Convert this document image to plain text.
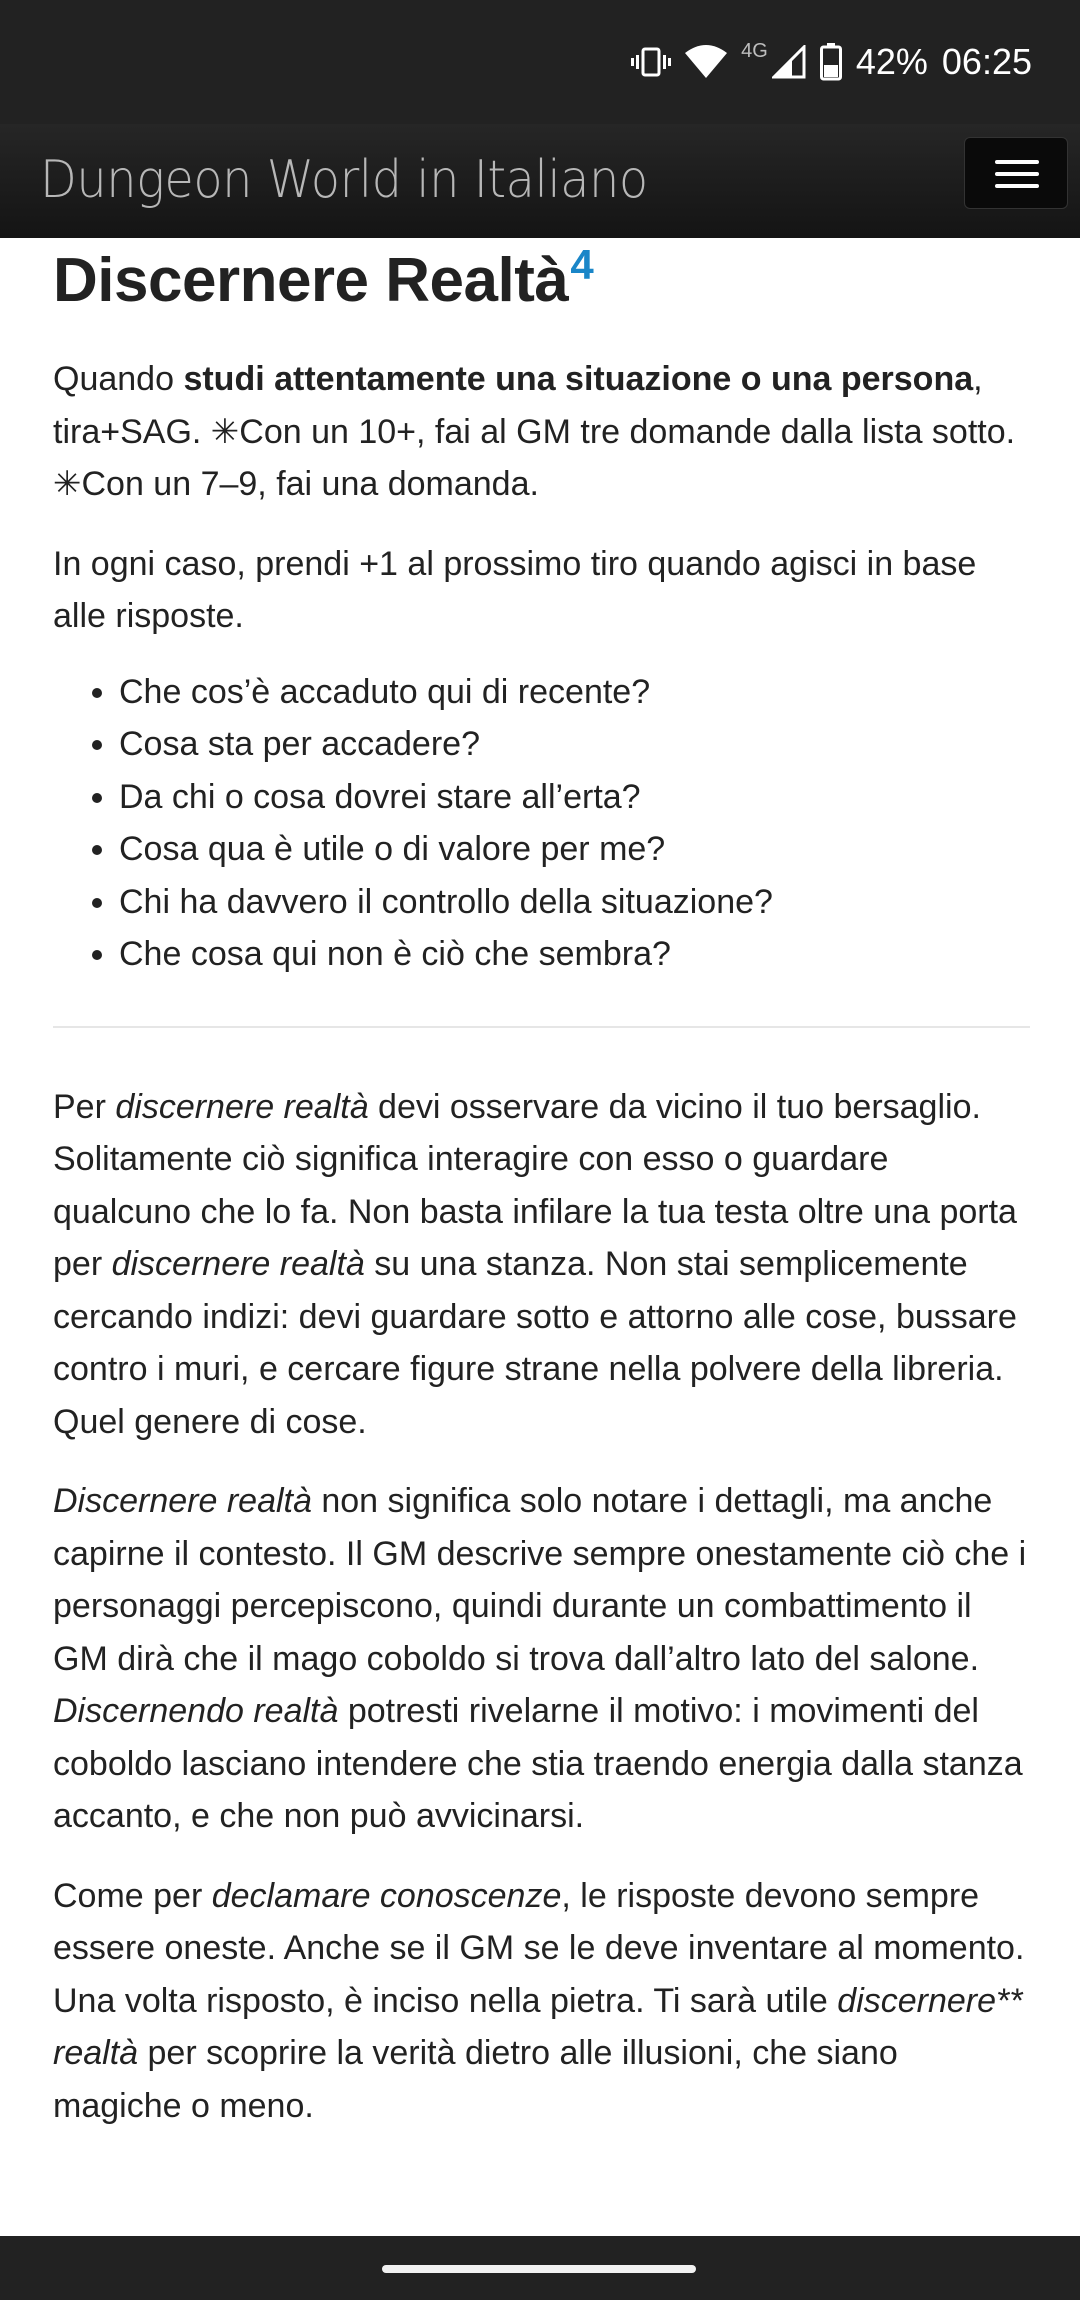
4G 42% 06:25
Dungeon World in Italiano
Discernere Realtà$^4$

Quando studi attentamente una situazione o una persona, tira+SAG. ✳Con un 10+, fai al GM tre domande dalla lista sotto. ✳Con un 7–9, fai una domanda.

In ogni caso, prendi +1 al prossimo tiro quando agisci in base alle risposte.

• Che cos’è accaduto qui di recente?
• Cosa sta per accadere?
• Da chi o cosa dovrei stare all’erta?
• Cosa qua è utile o di valore per me?
• Chi ha davvero il controllo della situazione?
• Che cosa qui non è ciò che sembra?

Per discernere realtà devi osservare da vicino il tuo bersaglio. Solitamente ciò significa interagire con esso o guardare qualcuno che lo fa. Non basta infilare la tua testa oltre una porta per discernere realtà su una stanza. Non stai semplicemente cercando indizi: devi guardare sotto e attorno alle cose, bussare contro i muri, e cercare figure strane nella polvere della libreria. Quel genere di cose.

Discernere realtà non significa solo notare i dettagli, ma anche capirne il contesto. Il GM descrive sempre onestamente ciò che i personaggi percepiscono, quindi durante un combattimento il GM dirà che il mago coboldo si trova dall’altro lato del salone. Discernendo realtà potresti rivelarne il motivo: i movimenti del coboldo lasciano intendere che stia traendo energia dalla stanza accanto, e che non può avvicinarsi.

Come per declamare conoscenze, le risposte devono sempre essere oneste. Anche se il GM se le deve inventare al momento. Una volta risposto, è inciso nella pietra. Ti sarà utile discernere** realtà per scoprire la verità dietro alle illusioni, che siano magiche o meno.
